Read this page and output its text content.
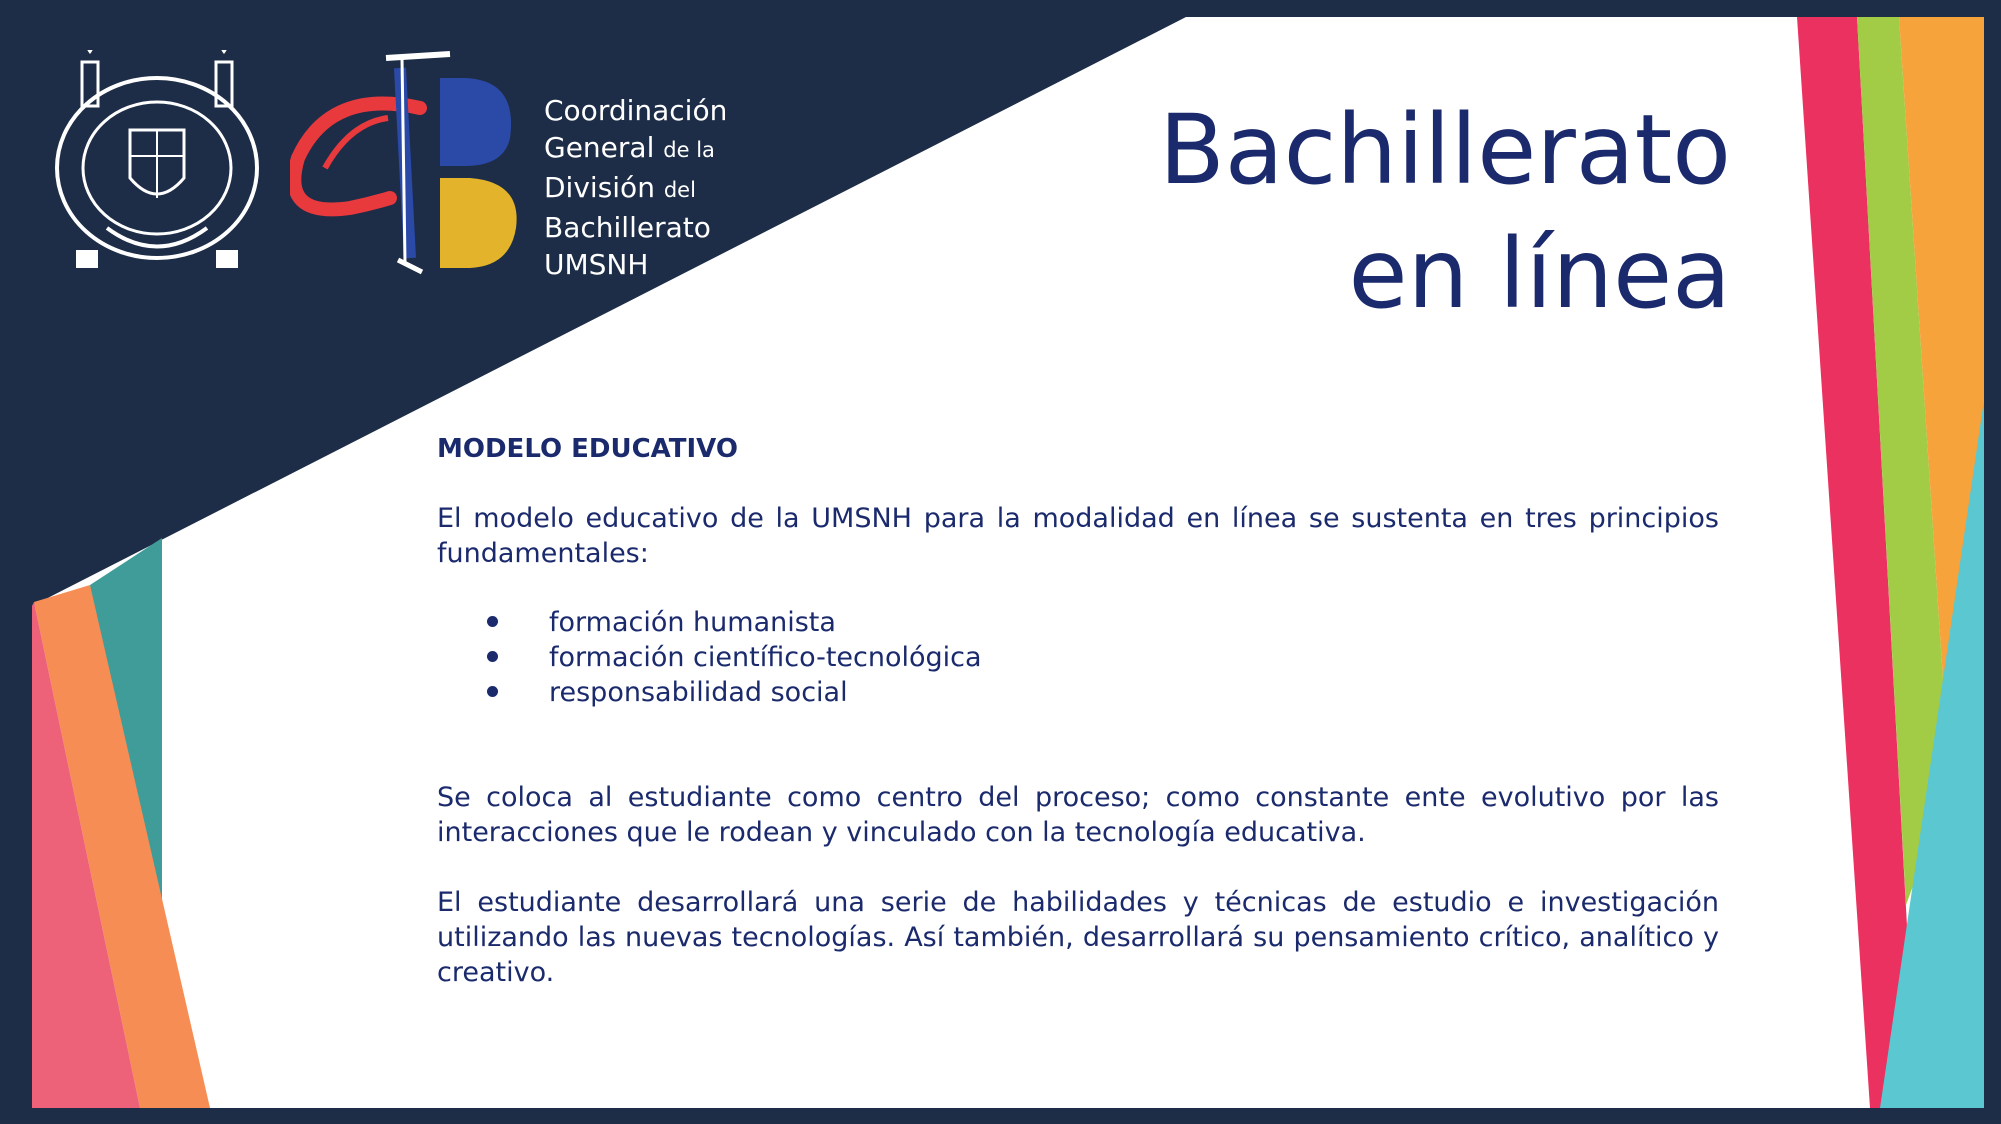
Coordinación
General de la
División del
Bachillerato
UMSNH
Bachillerato
en línea

MODELO EDUCATIVO

El modelo educativo de la UMSNH para la modalidad en línea se sustenta en tres principios fundamentales:

formación humanista
formación científico-tecnológica
responsabilidad social

Se coloca al estudiante como centro del proceso; como constante ente evolutivo por las interacciones que le rodean y vinculado con la tecnología educativa.

El estudiante desarrollará una serie de habilidades y técnicas de estudio e investigación utilizando las nuevas tecnologías. Así también, desarrollará su pensamiento crítico, analítico y creativo.
